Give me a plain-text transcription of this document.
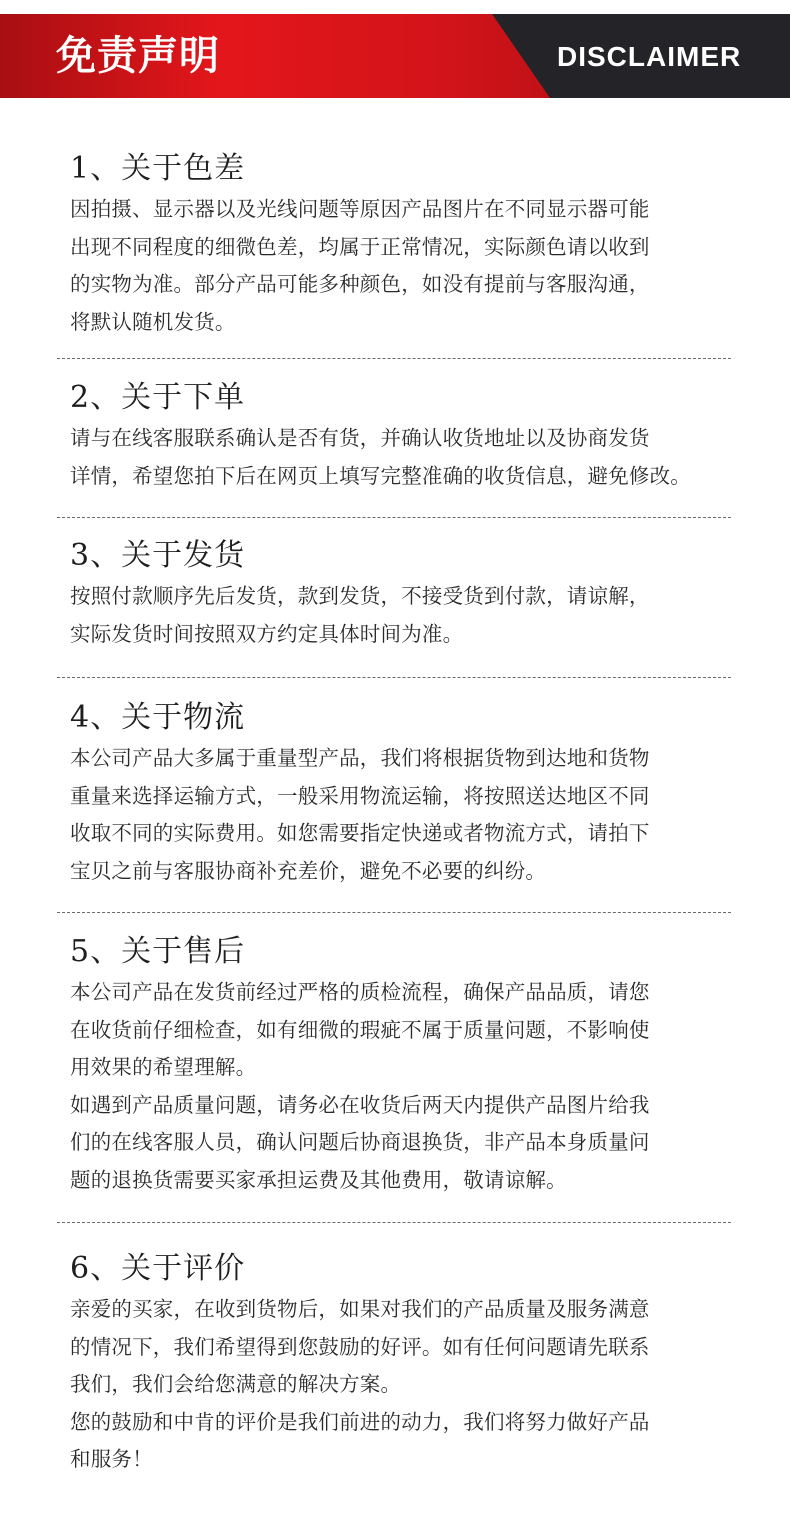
免责声明	DISCLAIMER
1、关于色差
因拍摄、显示器以及光线问题等原因产品图片在不同显示器可能
出现不同程度的细微色差，均属于正常情况，实际颜色请以收到
的实物为准。部分产品可能多种颜色，如没有提前与客服沟通，
将默认随机发货。
2、关于下单
请与在线客服联系确认是否有货，并确认收货地址以及协商发货
详情，希望您拍下后在网页上填写完整准确的收货信息，避免修改。
3、关于发货
按照付款顺序先后发货，款到发货，不接受货到付款，请谅解，
实际发货时间按照双方约定具体时间为准。
4、关于物流
本公司产品大多属于重量型产品，我们将根据货物到达地和货物
重量来选择运输方式，一般采用物流运输，将按照送达地区不同
收取不同的实际费用。如您需要指定快递或者物流方式，请拍下
宝贝之前与客服协商补充差价，避免不必要的纠纷。
5、关于售后
本公司产品在发货前经过严格的质检流程，确保产品品质，请您
在收货前仔细检查，如有细微的瑕疵不属于质量问题，不影响使
用效果的希望理解。
如遇到产品质量问题，请务必在收货后两天内提供产品图片给我
们的在线客服人员，确认问题后协商退换货，非产品本身质量问
题的退换货需要买家承担运费及其他费用，敬请谅解。
6、关于评价
亲爱的买家，在收到货物后，如果对我们的产品质量及服务满意
的情况下，我们希望得到您鼓励的好评。如有任何问题请先联系
我们，我们会给您满意的解决方案。
您的鼓励和中肯的评价是我们前进的动力，我们将努力做好产品
和服务！
